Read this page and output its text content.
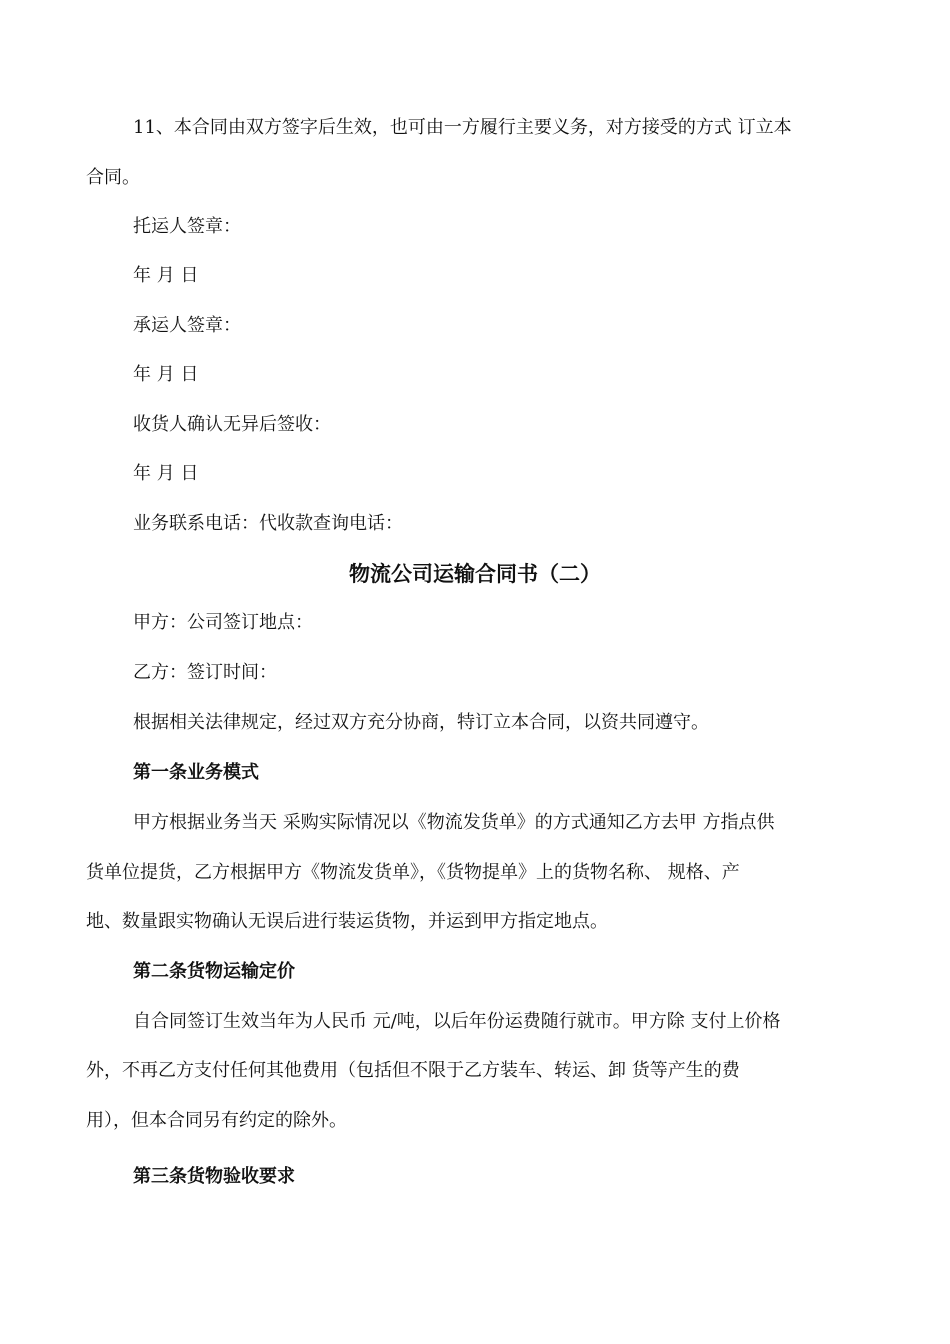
11、本合同由双方签字后生效，也可由一方履行主要义务，对方接受的方式 订立本

合同。

托运人签章：

年 月 日

承运人签章：

年 月 日

收货人确认无异后签收：

年 月 日

业务联系电话：代收款查询电话：

物流公司运输合同书（二）

甲方：公司签订地点：

乙方：签订时间：

根据相关法律规定，经过双方充分协商，特订立本合同，以资共同遵守。

第一条业务模式

甲方根据业务当天 采购实际情况以《物流发货单》的方式通知乙方去甲 方指点供

货单位提货，乙方根据甲方《物流发货单》，《货物提单》上的货物名称、 规格、产

地、数量跟实物确认无误后进行装运货物，并运到甲方指定地点。

第二条货物运输定价

自合同签订生效当年为人民币 元/吨，以后年份运费随行就市。甲方除 支付上价格

外，不再乙方支付任何其他费用（包括但不限于乙方装车、转运、卸 货等产生的费

用），但本合同另有约定的除外。

第三条货物验收要求
